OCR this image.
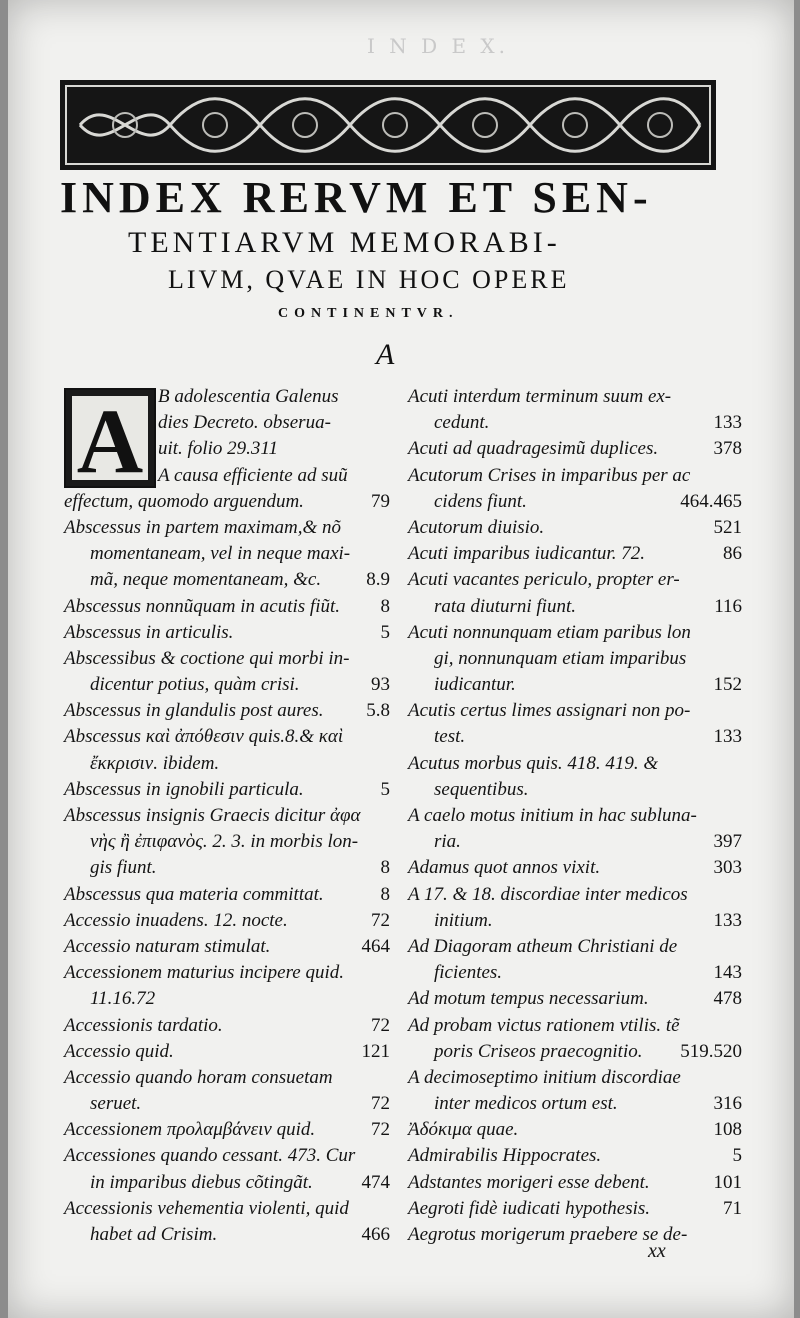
I N D E X.
INDEX RERVM ET SEN-
TENTIARVM MEMORABI-
LIVM, QVAE IN HOC OPERE
CONTINENTVR.
A
A B adolescentia Galenus
dies Decreto. obserua-
uit. folio 29.311
A causa efficiente ad suũ
effectum, quomodo arguendum.	79
Abscessus in partem maximam,& nõ
momentaneam, vel in neque maxi-
mã, neque momentaneam, &c. 8.9
Abscessus nonnũquam in acutis fiũt. 8
Abscessus in articulis.	5
Abscessibus & coctione qui morbi in-
dicentur potius, quàm crisi.	93
Abscessus in glandulis post aures. 5.8
Abscessus καὶ ἀπόθεσιν quis.8.& καὶ
ἔκκρισιν. ibidem.
Abscessus in ignobili particula.	5
Abscessus insignis Graecis dicitur ἀφα
νὴς ἢ ἐπιφανὸς. 2. 3. in morbis lon-
gis fiunt.	8
Abscessus qua materia committat.	8
Accessio inuadens. 12. nocte.	72
Accessio naturam stimulat.	464
Accessionem maturius incipere quid.
11.16.72
Accessionis tardatio.	72
Accessio quid.	121
Accessio quando horam consuetam
seruet.	72
Accessionem προλαμβάνειν quid.	72
Accessiones quando cessant. 473. Cur
in imparibus diebus cõtingãt.	474
Accessionis vehementia violenti, quid
habet ad Crisim.	466
Acuti interdum terminum suum ex-
cedunt.	133
Acuti ad quadragesimũ duplices.	378
Acutorum Crises in imparibus per ac
cidens fiunt.	464.465
Acutorum diuisio.	521
Acuti imparibus iudicantur. 72.	86
Acuti vacantes periculo, propter er-
rata diuturni fiunt.	116
Acuti nonnunquam etiam paribus lon
gi, nonnunquam etiam imparibus
iudicantur.	152
Acutis certus limes assignari non po-
test.	133
Acutus morbus quis. 418. 419. &
sequentibus.
A caelo motus initium in hac subluna-
ria.	397
Adamus quot annos vixit.	303
A 17. & 18. discordiae inter medicos
initium.	133
Ad Diagoram atheum Christiani de
ficientes.	143
Ad motum tempus necessarium.	478
Ad probam victus rationem vtilis. tẽ
poris Criseos praecognitio. 519.520
A decimoseptimo initium discordiae
inter medicos ortum est.	316
Ἀδόκιμα quae.	108
Admirabilis Hippocrates.	5
Adstantes morigeri esse debent.	101
Aegroti fidè iudicati hypothesis.	71
Aegrotus morigerum praebere se de-
xx
